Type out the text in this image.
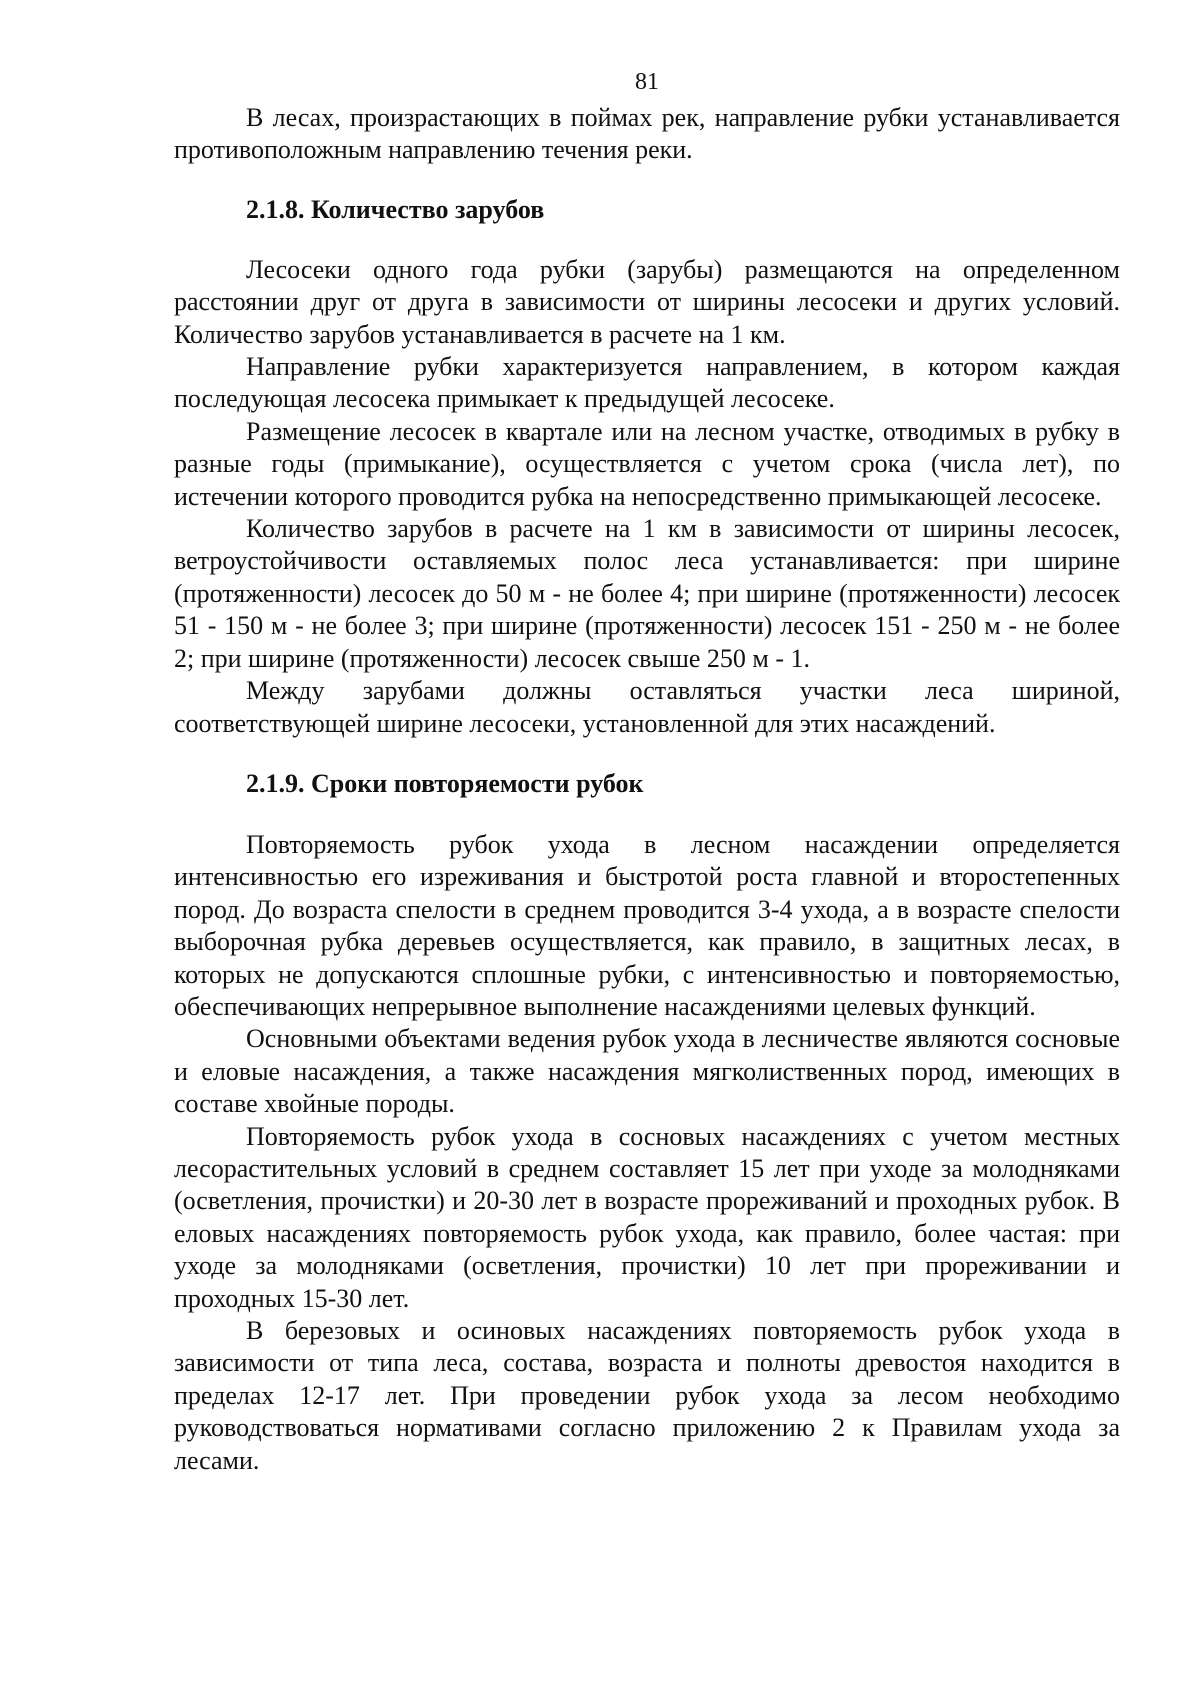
81

В лесах, произрастающих в поймах рек, направление рубки устанавливается противоположным направлению течения реки.

2.1.8. Количество зарубов

Лесосеки одного года рубки (зарубы) размещаются на определенном расстоянии друг от друга в зависимости от ширины лесосеки и других условий. Количество зарубов устанавливается в расчете на 1 км.

Направление рубки характеризуется направлением, в котором каждая последующая лесосека примыкает к предыдущей лесосеке.

Размещение лесосек в квартале или на лесном участке, отводимых в рубку в разные годы (примыкание), осуществляется с учетом срока (числа лет), по истечении которого проводится рубка на непосредственно примыкающей лесосеке.

Количество зарубов в расчете на 1 км в зависимости от ширины лесосек, ветроустойчивости оставляемых полос леса устанавливается: при ширине (протяженности) лесосек до 50 м - не более 4; при ширине (протяженности) лесосек 51 - 150 м - не более 3; при ширине (протяженности) лесосек 151 - 250 м - не более 2; при ширине (протяженности) лесосек свыше 250 м - 1.

Между зарубами должны оставляться участки леса шириной, соответствующей ширине лесосеки, установленной для этих насаждений.

2.1.9. Сроки повторяемости рубок

Повторяемость рубок ухода в лесном насаждении определяется интенсивностью его изреживания и быстротой роста главной и второстепенных пород. До возраста спелости в среднем проводится 3-4 ухода, а в возрасте спелости выборочная рубка деревьев осуществляется, как правило, в защитных лесах, в которых не допускаются сплошные рубки, с интенсивностью и повторяемостью, обеспечивающих непрерывное выполнение насаждениями целевых функций.

Основными объектами ведения рубок ухода в лесничестве являются сосновые и еловые насаждения, а также насаждения мягколиственных пород, имеющих в составе хвойные породы.

Повторяемость рубок ухода в сосновых насаждениях с учетом местных лесорастительных условий в среднем составляет 15 лет при уходе за молодняками (осветления, прочистки) и 20-30 лет в возрасте прореживаний и проходных рубок. В еловых насаждениях повторяемость рубок ухода, как правило, более частая: при уходе за молодняками (осветления, прочистки) 10 лет при прореживании и проходных 15-30 лет.

В березовых и осиновых насаждениях повторяемость рубок ухода в зависимости от типа леса, состава, возраста и полноты древостоя находится в пределах 12-17 лет. При проведении рубок ухода за лесом необходимо руководствоваться нормативами согласно приложению 2 к Правилам ухода за лесами.
